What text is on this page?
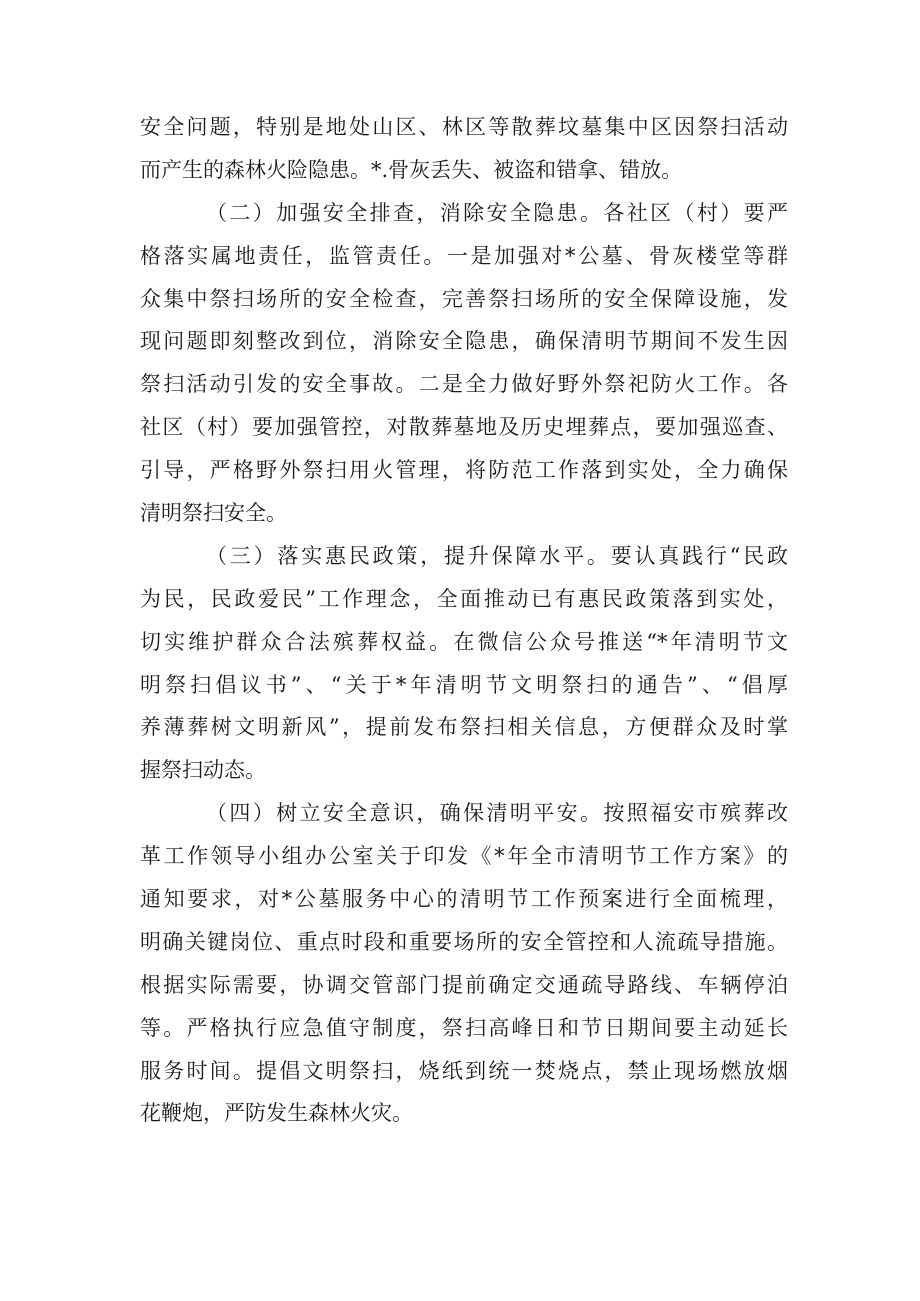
安全问题，特别是地处山区、林区等散葬坟墓集中区因祭扫活动
而产生的森林火险隐患。*.骨灰丢失、被盗和错拿、错放。
（二）加强安全排查，消除安全隐患。各社区（村）要严
格落实属地责任，监管责任。一是加强对*公墓、骨灰楼堂等群
众集中祭扫场所的安全检查，完善祭扫场所的安全保障设施，发
现问题即刻整改到位，消除安全隐患，确保清明节期间不发生因
祭扫活动引发的安全事故。二是全力做好野外祭祀防火工作。各
社区（村）要加强管控，对散葬墓地及历史埋葬点，要加强巡查、
引导，严格野外祭扫用火管理，将防范工作落到实处，全力确保
清明祭扫安全。
（三）落实惠民政策，提升保障水平。要认真践行“民政
为民，民政爱民”工作理念，全面推动已有惠民政策落到实处，
切实维护群众合法殡葬权益。在微信公众号推送“*年清明节文
明祭扫倡议书”、“关于*年清明节文明祭扫的通告”、“倡厚
养薄葬树文明新风”，提前发布祭扫相关信息，方便群众及时掌
握祭扫动态。
（四）树立安全意识，确保清明平安。按照福安市殡葬改
革工作领导小组办公室关于印发《*年全市清明节工作方案》的
通知要求，对*公墓服务中心的清明节工作预案进行全面梳理，
明确关键岗位、重点时段和重要场所的安全管控和人流疏导措施。
根据实际需要，协调交管部门提前确定交通疏导路线、车辆停泊
等。严格执行应急值守制度，祭扫高峰日和节日期间要主动延长
服务时间。提倡文明祭扫，烧纸到统一焚烧点，禁止现场燃放烟
花鞭炮，严防发生森林火灾。
